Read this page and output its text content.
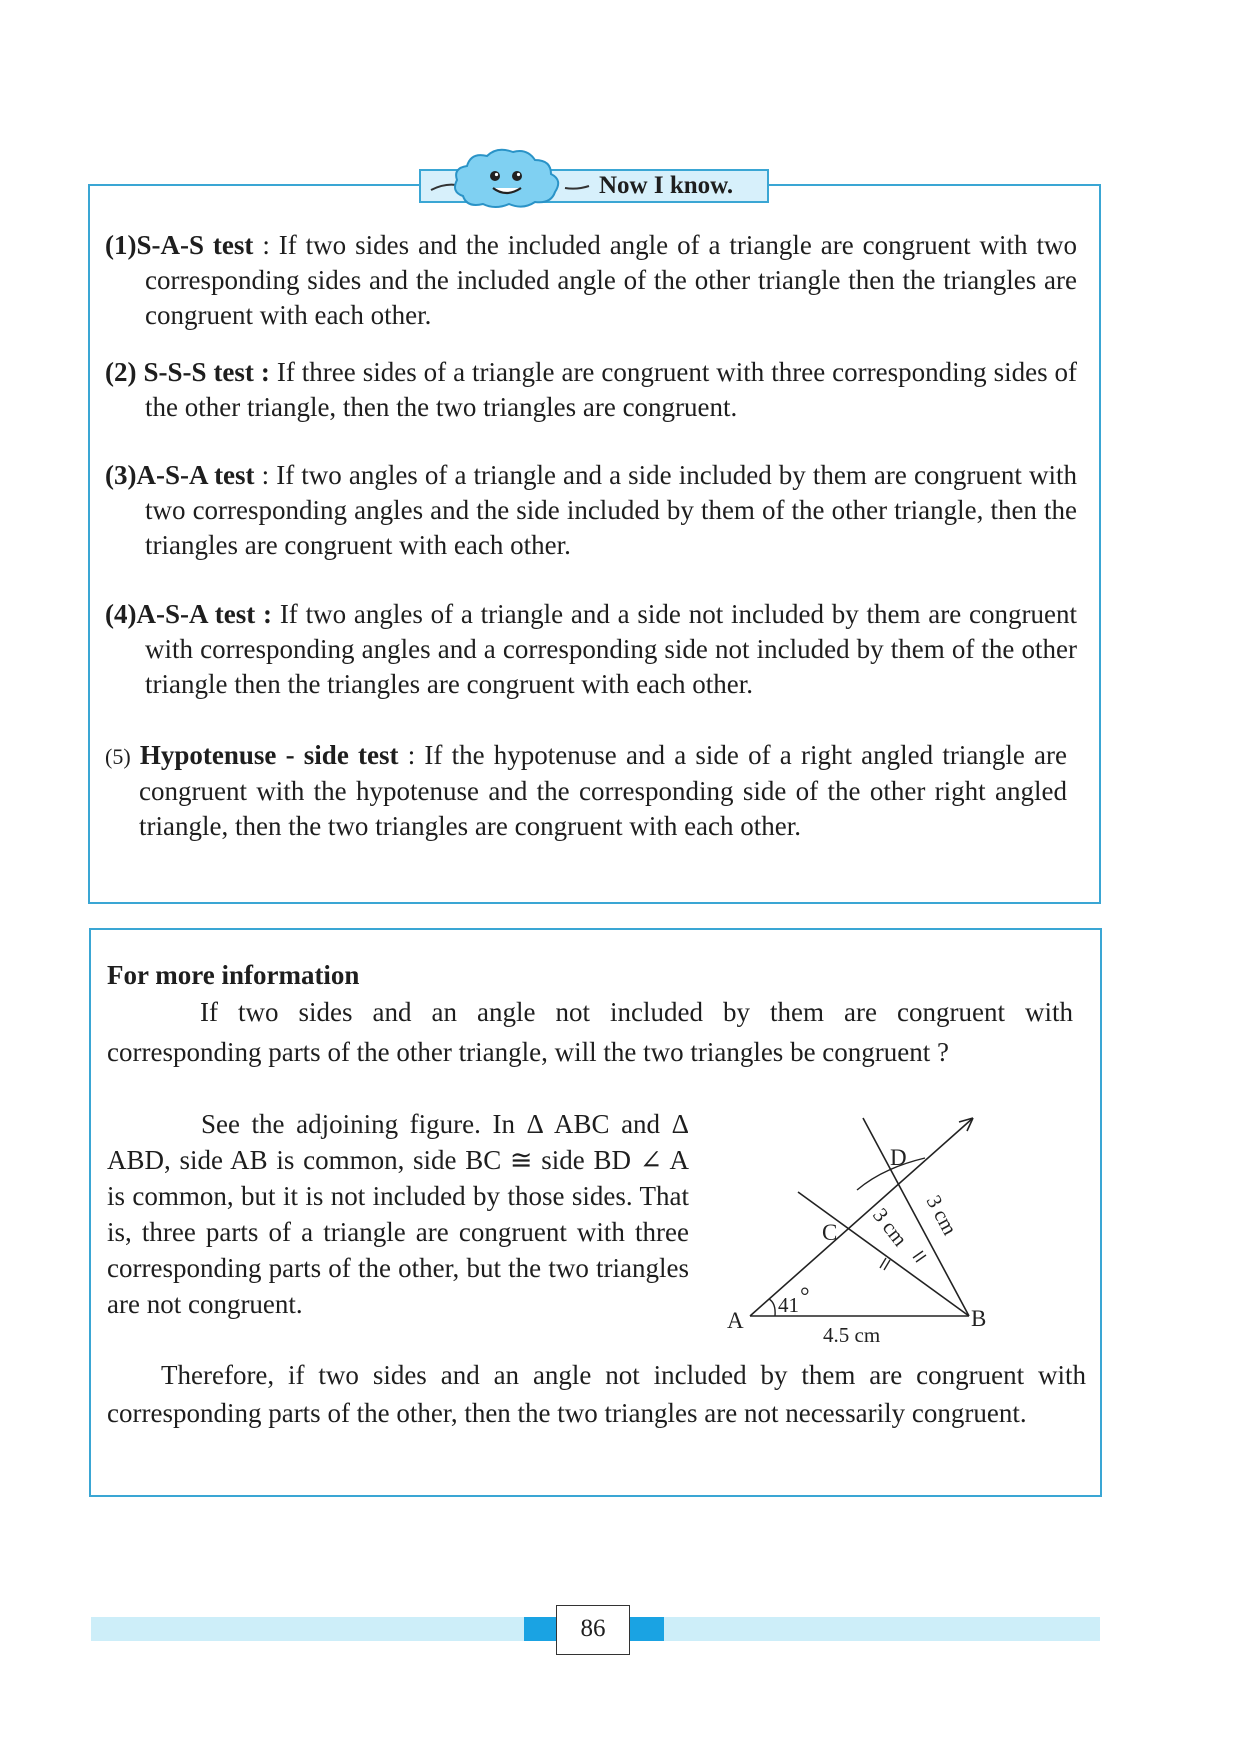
Now I know.
(1)S-A-S test : If two sides and the included angle of a triangle are congruent with two corresponding sides and the included angle of the other triangle then the triangles are congruent with each other.
(2) S-S-S test : If three sides of a triangle are congruent with three corresponding sides of the other triangle, then the two triangles are congruent.
(3)A-S-A test : If two angles of a triangle and a side included by them are congruent with two corresponding angles and the side included by them of the other triangle, then the triangles are congruent with each other.
(4)A-S-A test : If two angles of a triangle and a side not included by them are congruent with corresponding angles and a corresponding side not included by them of the other triangle then the triangles are congruent with each other.
(5) Hypotenuse - side test : If the hypotenuse and a side of a right angled triangle are congruent with the hypotenuse and the corresponding side of the other right angled triangle, then the two triangles are congruent with each other.
For more information
If two sides and an angle not included by them are congruent with corresponding parts of the other triangle, will the two triangles be congruent ?
See the adjoining figure. In Δ ABC and Δ ABD, side AB is common, side BC ≅ side BD ∠ A is common, but it is not included by those sides. That is, three parts of a triangle are congruent with three corresponding parts of the other, but the two triangles are not congruent.
A	B
C
D
41 °
4.5 cm
3 cm 3 cm
Therefore, if two sides and an angle not included by them are congruent with corresponding parts of the other, then the two triangles are not necessarily congruent.
86
